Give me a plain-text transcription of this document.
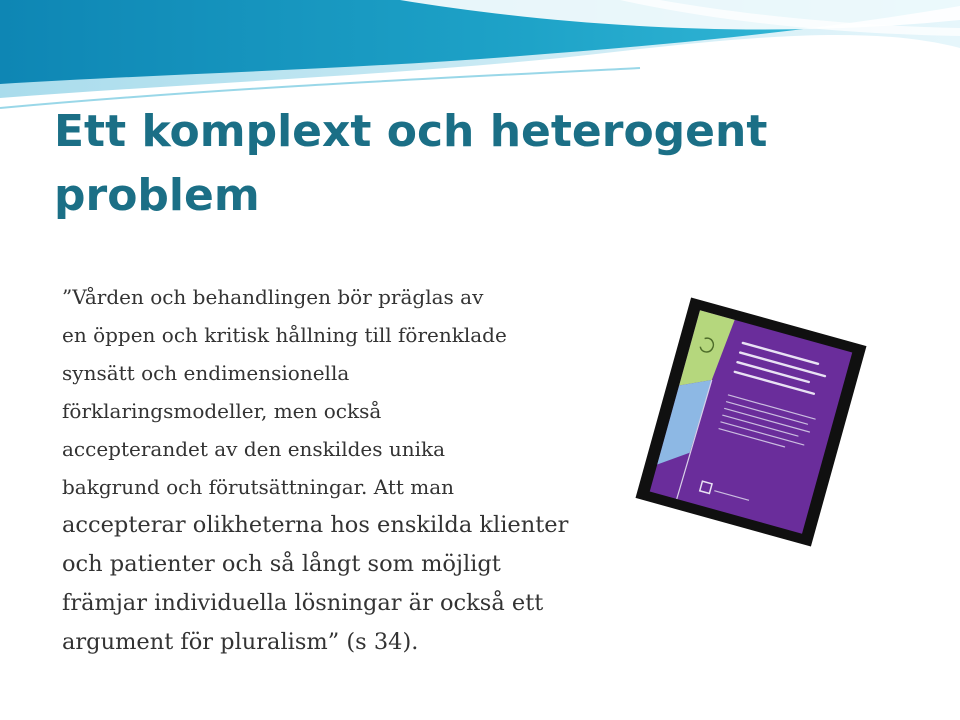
Ett komplext och heterogent
problem
”Vården och behandlingen bör präglas av
en öppen och kritisk hållning till förenklade
synsätt och endimensionella
förklaringsmodeller, men också
accepterandet av den enskildes unika
bakgrund och förutsättningar. Att man
accepterar olikheterna hos enskilda klienter
och patienter och så långt som möjligt
främjar individuella lösningar är också ett
argument för pluralism” (s 34).
